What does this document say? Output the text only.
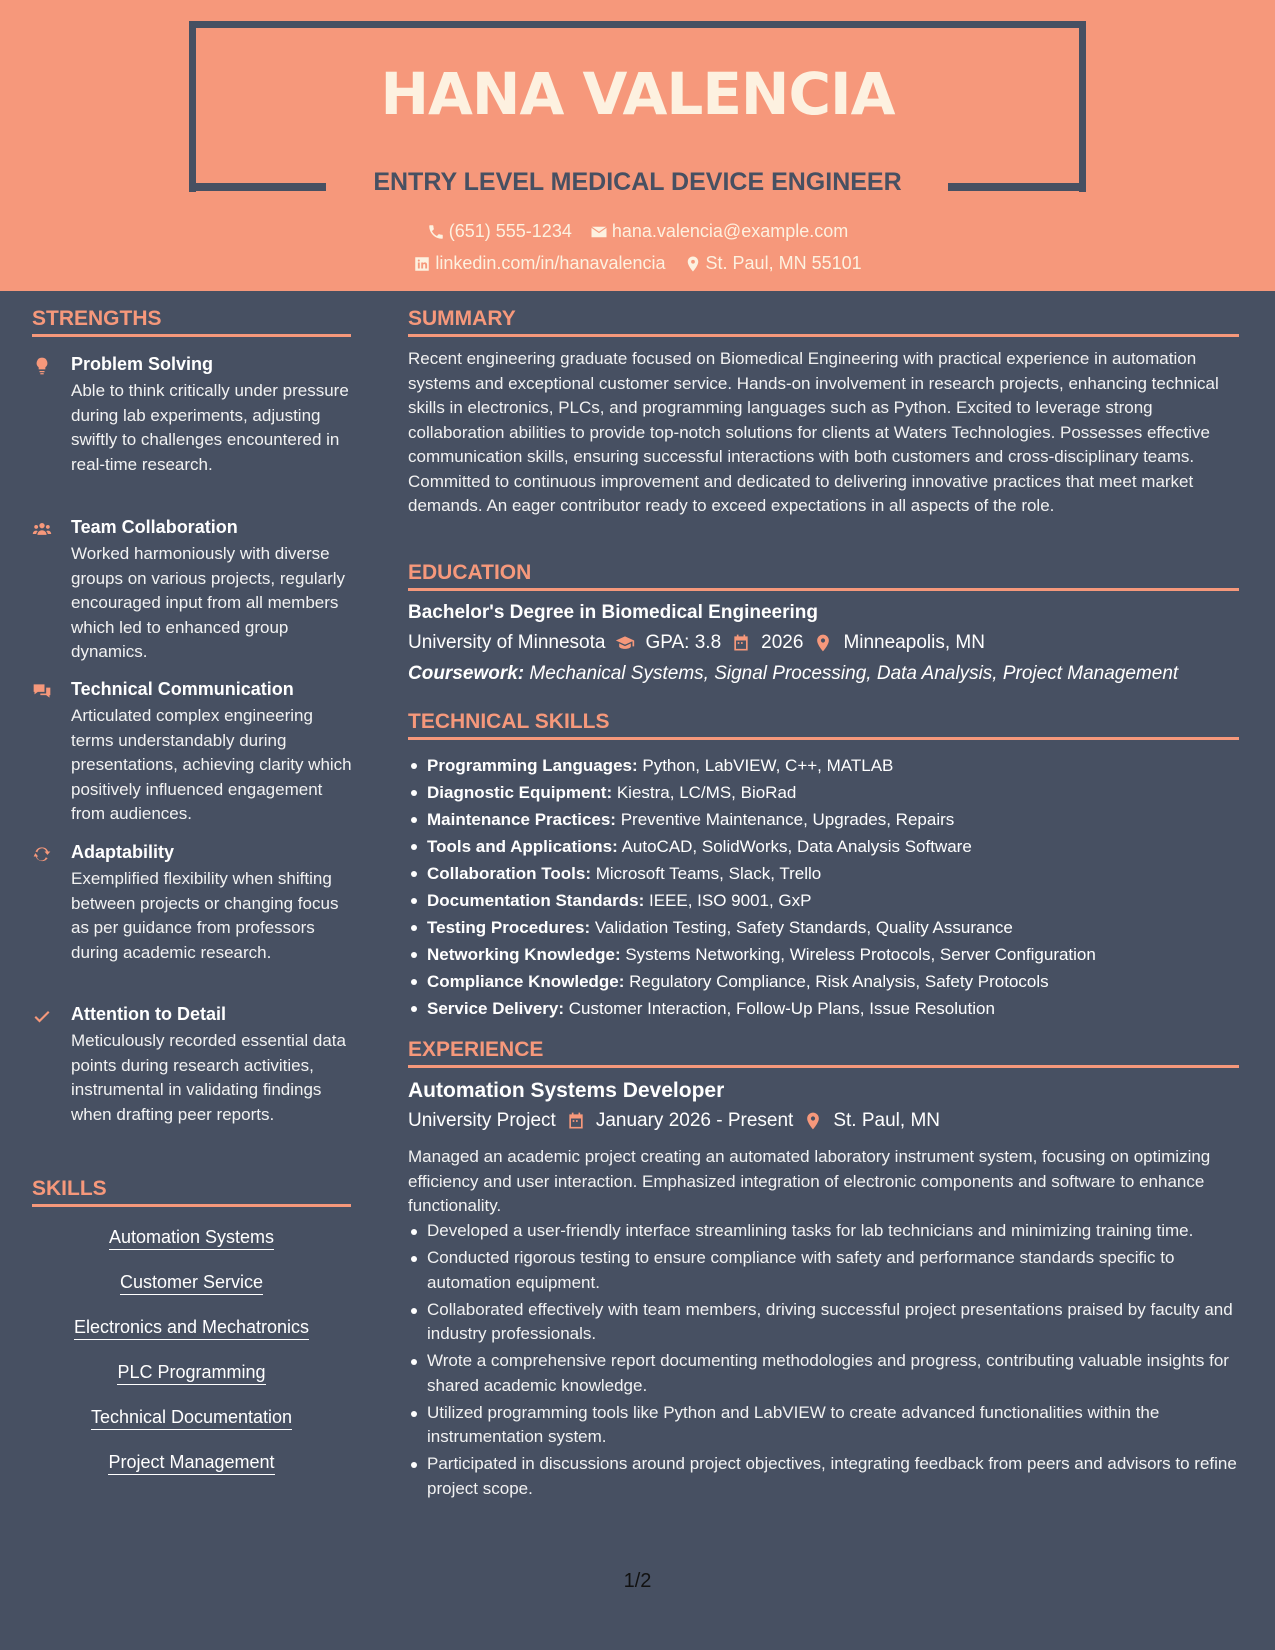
HANA VALENCIA
ENTRY LEVEL MEDICAL DEVICE ENGINEER
(651) 555-1234 hana.valencia@example.com
linkedin.com/in/hanavalencia St. Paul, MN 55101
STRENGTHS
Problem Solving
Able to think critically under pressure during lab experiments, adjusting swiftly to challenges encountered in real-time research.
Team Collaboration
Worked harmoniously with diverse groups on various projects, regularly encouraged input from all members which led to enhanced group dynamics.
Technical Communication
Articulated complex engineering terms understandably during presentations, achieving clarity which positively influenced engagement from audiences.
Adaptability
Exemplified flexibility when shifting between projects or changing focus as per guidance from professors during academic research.
Attention to Detail
Meticulously recorded essential data points during research activities, instrumental in validating findings when drafting peer reports.
SKILLS
Automation Systems
Customer Service
Electronics and Mechatronics
PLC Programming
Technical Documentation
Project Management
SUMMARY
Recent engineering graduate focused on Biomedical Engineering with practical experience in automation systems and exceptional customer service. Hands-on involvement in research projects, enhancing technical skills in electronics, PLCs, and programming languages such as Python. Excited to leverage strong collaboration abilities to provide top-notch solutions for clients at Waters Technologies. Possesses effective communication skills, ensuring successful interactions with both customers and cross-disciplinary teams. Committed to continuous improvement and dedicated to delivering innovative practices that meet market demands. An eager contributor ready to exceed expectations in all aspects of the role.
EDUCATION
Bachelor's Degree in Biomedical Engineering
University of Minnesota GPA: 3.8 2026 Minneapolis, MN
Coursework: Mechanical Systems, Signal Processing, Data Analysis, Project Management
TECHNICAL SKILLS
Programming Languages: Python, LabVIEW, C++, MATLAB
Diagnostic Equipment: Kiestra, LC/MS, BioRad
Maintenance Practices: Preventive Maintenance, Upgrades, Repairs
Tools and Applications: AutoCAD, SolidWorks, Data Analysis Software
Collaboration Tools: Microsoft Teams, Slack, Trello
Documentation Standards: IEEE, ISO 9001, GxP
Testing Procedures: Validation Testing, Safety Standards, Quality Assurance
Networking Knowledge: Systems Networking, Wireless Protocols, Server Configuration
Compliance Knowledge: Regulatory Compliance, Risk Analysis, Safety Protocols
Service Delivery: Customer Interaction, Follow-Up Plans, Issue Resolution
EXPERIENCE
Automation Systems Developer
University Project January 2026 - Present St. Paul, MN
Managed an academic project creating an automated laboratory instrument system, focusing on optimizing efficiency and user interaction. Emphasized integration of electronic components and software to enhance functionality.
Developed a user-friendly interface streamlining tasks for lab technicians and minimizing training time.
Conducted rigorous testing to ensure compliance with safety and performance standards specific to automation equipment.
Collaborated effectively with team members, driving successful project presentations praised by faculty and industry professionals.
Wrote a comprehensive report documenting methodologies and progress, contributing valuable insights for shared academic knowledge.
Utilized programming tools like Python and LabVIEW to create advanced functionalities within the instrumentation system.
Participated in discussions around project objectives, integrating feedback from peers and advisors to refine project scope.
1/2
